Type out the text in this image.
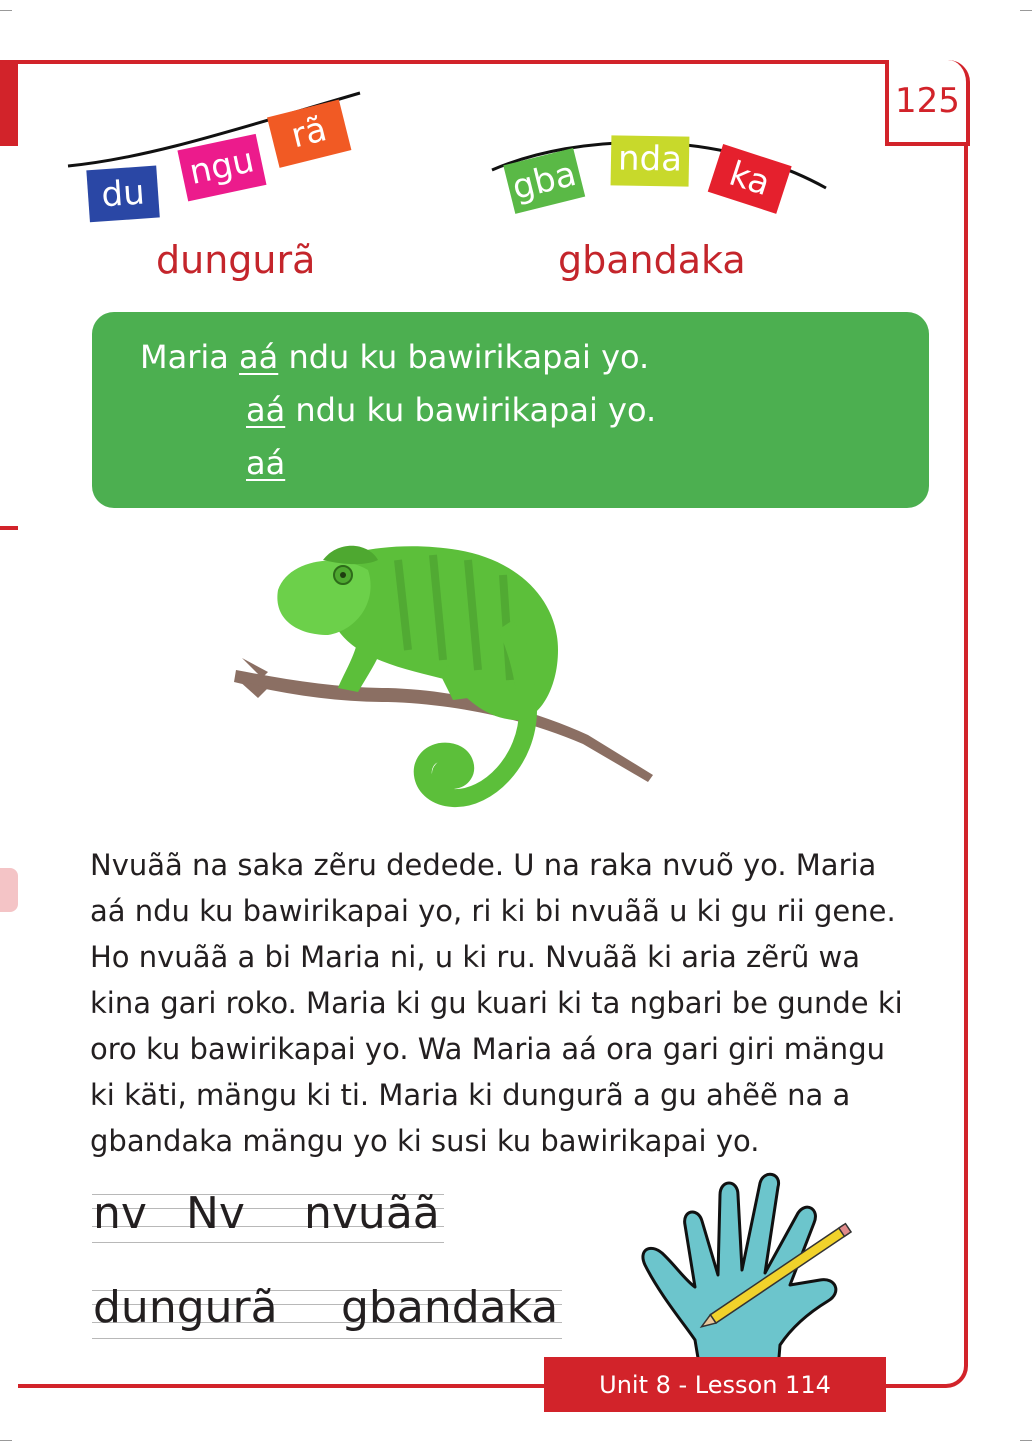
125
du
ngu
rã
dungurã
gba nda ka
gbandaka
Maria aá ndu ku bawirikapai yo.
aá ndu ku bawirikapai yo.
aá

Nvuãã na saka zẽru dedede. U na raka nvuõ yo. Maria

aá ndu ku bawirikapai yo, ri ki bi nvuãã u ki gu rii gene.

Ho nvuãã a bi Maria ni, u ki ru. Nvuãã ki aria zẽrũ wa

kina gari roko. Maria ki gu kuari ki ta ngbari be gunde ki

oro ku bawirikapai yo. Wa Maria aá ora gari giri mängu

ki käti, mängu ki ti. Maria ki dungurã a gu ahẽẽ na a

gbandaka mängu yo ki susi ku bawirikapai yo.

nv Nv nvuãã
dungurã gbandaka
Unit 8 - Lesson 114
